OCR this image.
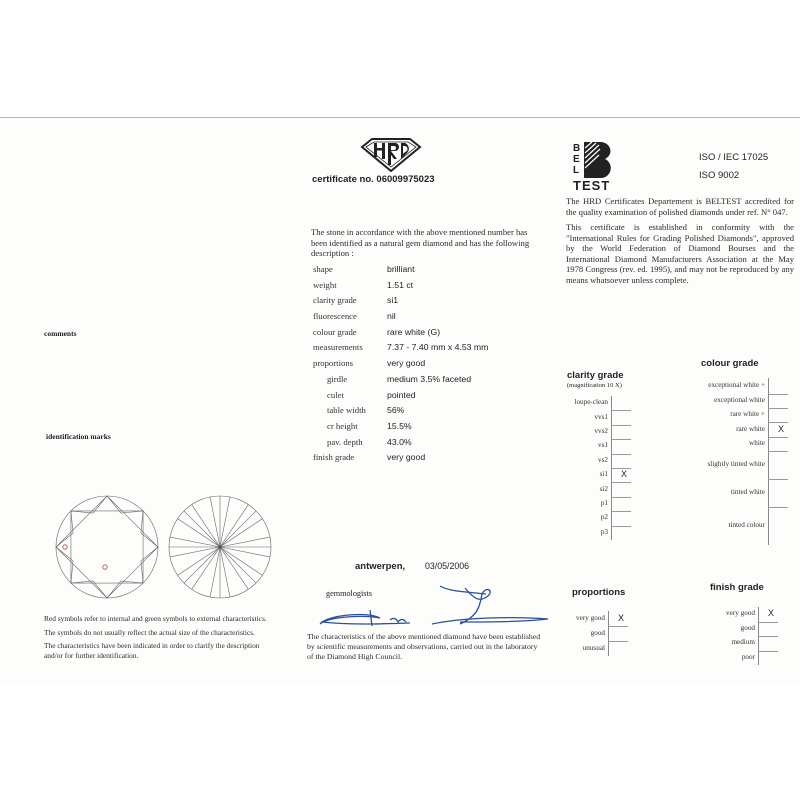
certificate no. 06009975023
B
E
L
TEST
ISO / IEC 17025
ISO 9002
The HRD Certificates Departement is BELTEST accredited for the quality examination of polished diamonds under ref. N° 047.
This certificate is established in conformity with the "International Rules for Grading Polished Diamonds", approved by the World Federation of Diamond Bourses and the International Diamond Manufacturers Association at the May 1978 Congress (rev. ed. 1995), and may not be reproduced by any means whatsoever unless complete.
The stone in accordance with the above mentioned number has been identified as a natural gem diamond and has the following description :
shape	brilliant
weight	1.51 ct
clarity grade	si1
fluorescence	nil
colour grade	rare white (G)
measurements	7.37 - 7.40 mm x 4.53 mm
proportions	very good
girdle	medium 3.5% faceted
culet	pointed
table width 56%
cr height	15.5%
pav. depth	43.0%
finish grade	very good
comments
identification marks

Red symbols refer to internal and green symbols to external characteristics.

The symbols do not usually reflect the actual size of the characteristics.

The characteristics have been indicated in order to clarify the description and/or for further identification.

antwerpen, 03/05/2006
gemmologists
The characteristics of the above mentioned diamond have been established by scientific measurements and observations, carried out in the laboratory of the Diamond High Council.
clarity grade
(magnification 10 X)
loupe-clean
vvs1
vvs2
vs1
vs2
si1 X
si2
p1
p2
p3
colour grade
exceptional white +
exceptional white
rare white +
rare white X
white
slightly tinted white
tinted white
tinted colour
proportions
very good X
good
unusual
finish grade
very good X
good
medium
poor
